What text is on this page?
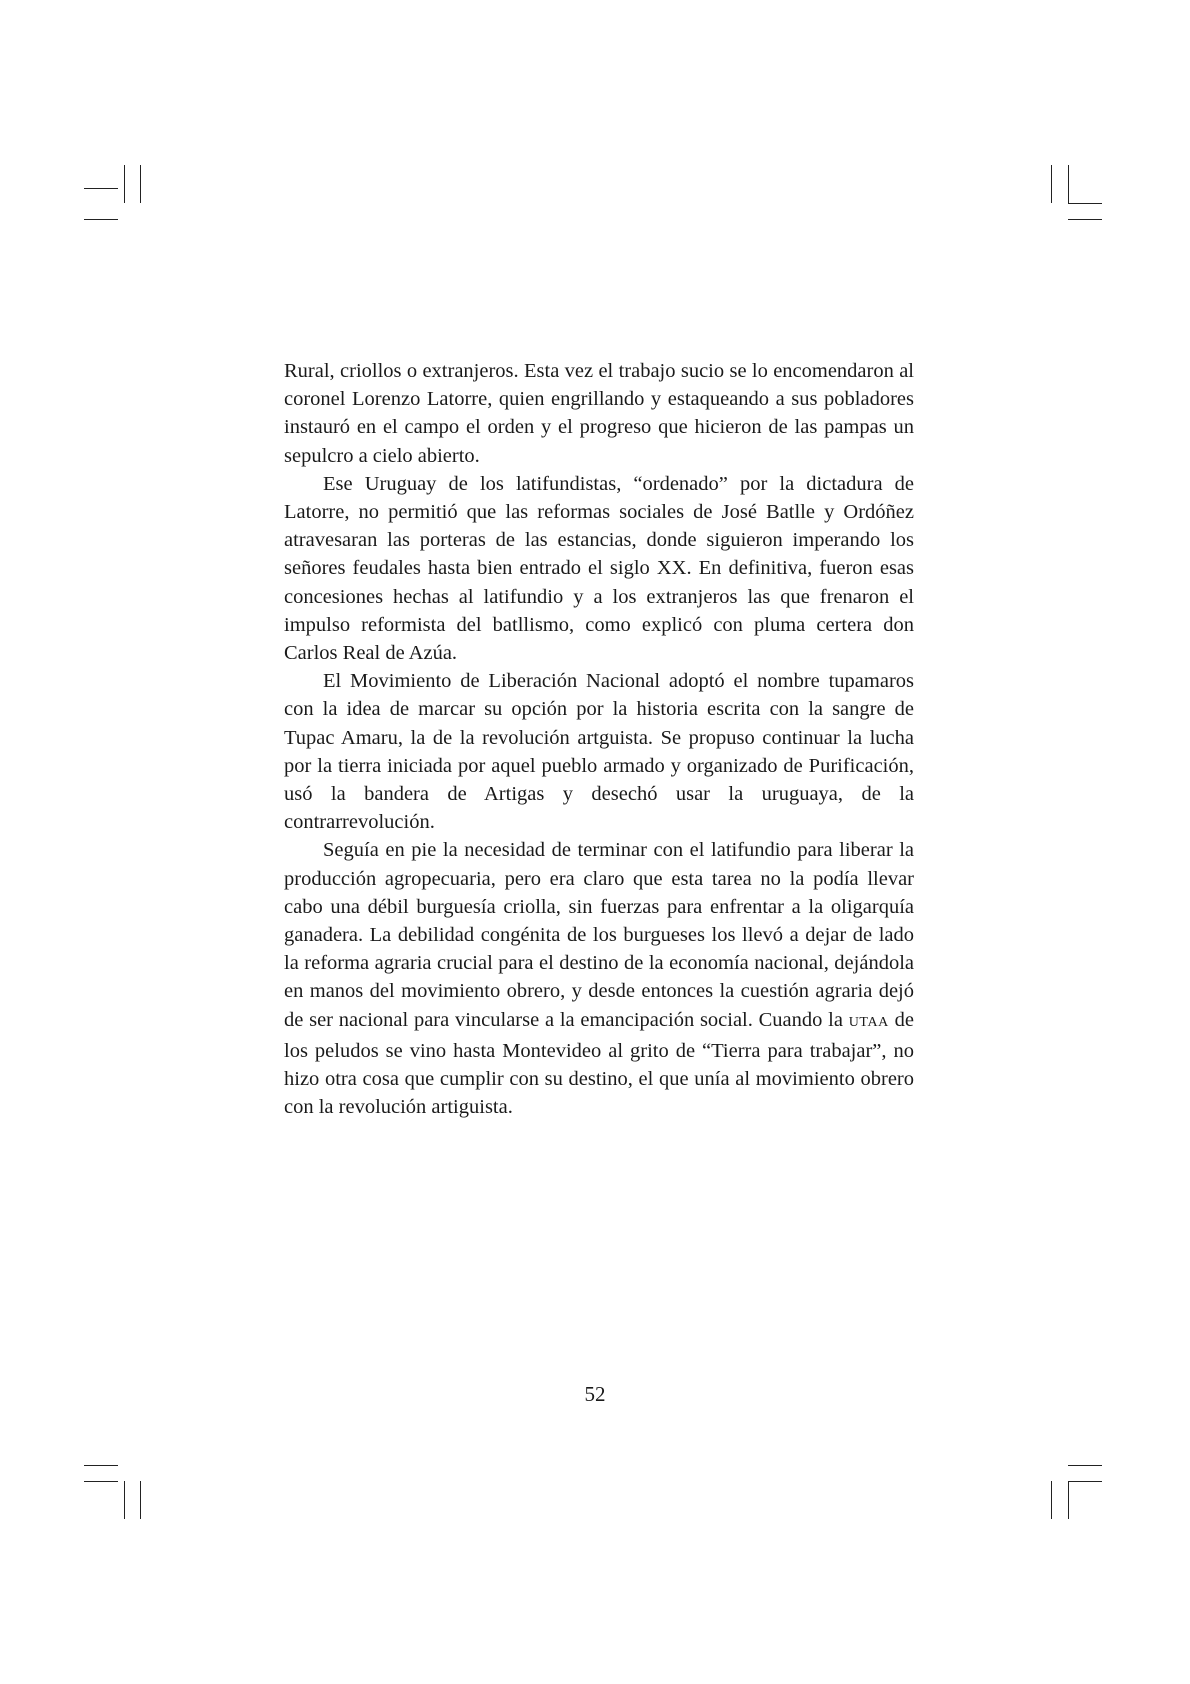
Rural, criollos o extranjeros. Esta vez el trabajo sucio se lo encomendaron al coronel Lorenzo Latorre, quien engrillando y estaqueando a sus pobladores instauró en el campo el orden y el progreso que hicieron de las pampas un sepulcro a cielo abierto.

Ese Uruguay de los latifundistas, “ordenado” por la dictadura de Latorre, no permitió que las reformas sociales de José Batlle y Ordóñez atravesaran las porteras de las estancias, donde siguieron imperando los señores feudales hasta bien entrado el siglo XX. En definitiva, fueron esas concesiones hechas al latifundio y a los extranjeros las que frenaron el impulso reformista del batllismo, como explicó con pluma certera don Carlos Real de Azúa.

El Movimiento de Liberación Nacional adoptó el nombre tupamaros con la idea de marcar su opción por la historia escrita con la sangre de Tupac Amaru, la de la revolución artguista. Se propuso continuar la lucha por la tierra iniciada por aquel pueblo armado y organizado de Purificación, usó la bandera de Artigas y desechó usar la uruguaya, de la contrarrevolución.

Seguía en pie la necesidad de terminar con el latifundio para liberar la producción agropecuaria, pero era claro que esta tarea no la podía llevar cabo una débil burguesía criolla, sin fuerzas para enfrentar a la oligarquía ganadera. La debilidad congénita de los burgueses los llevó a dejar de lado la reforma agraria crucial para el destino de la economía nacional, dejándola en manos del movimiento obrero, y desde entonces la cuestión agraria dejó de ser nacional para vincularse a la emancipación social. Cuando la UTAA de los peludos se vino hasta Montevideo al grito de “Tierra para trabajar”, no hizo otra cosa que cumplir con su destino, el que unía al movimiento obrero con la revolución artiguista.

52
